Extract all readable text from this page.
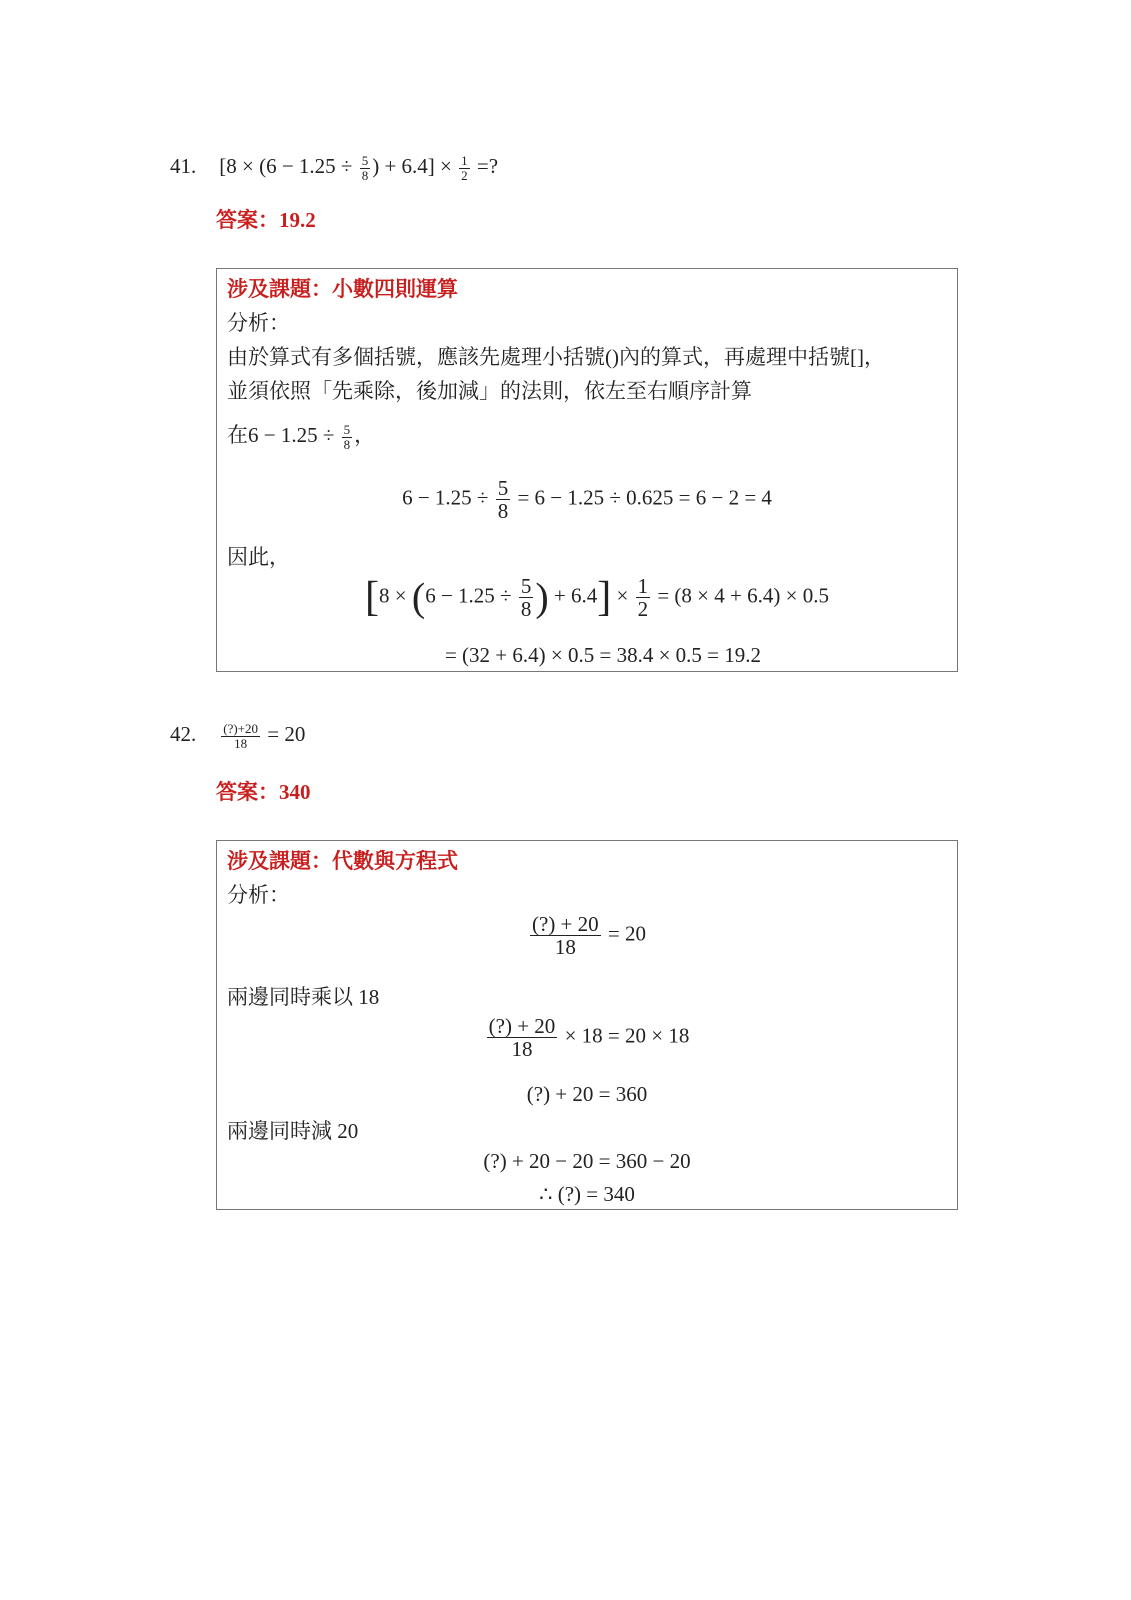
41. [$8 \times (6 - 1.25 \div \frac{5}{8}$ ) + $6.4] \times \frac{1}{2}$ =?
答案：19.2
涉及課題：小數四則運算
分析：
由於算式有多個括號，應該先處理小括號()內的算式，再處理中括號[]，
並須依照「先乘除，後加減」的法則，依左至右順序計算
在$6 - 1.25 \div \frac{5}{8}$ ，
$6 - 1.25 \div \frac{5}{8} = 6 - 1.25 \div 0.625 = 6 - 2 = 4$
因此，
[$8 \times (6 - 1.25 \div \frac{5}{8}$ ) + $6.4] \times \frac{1}{2} = (8 \times 4 + 6.4) \times 0.5$
= (32 + 6.4) × 0.5 = 38.4 × 0.5 = 19.2
42. $\frac{(?)+20}{18} = 20$
答案：340
涉及課題：代數與方程式
分析：
$\frac{(?) + 20}{18} = 20$
兩邊同時乘以 18
$\frac{(?) + 20}{18} \times 18 = 20 \times 18$
(?) + 20 = 360
兩邊同時減 20
(?) + 20 − 20 = 360 − 20
∴ (?) = 340
